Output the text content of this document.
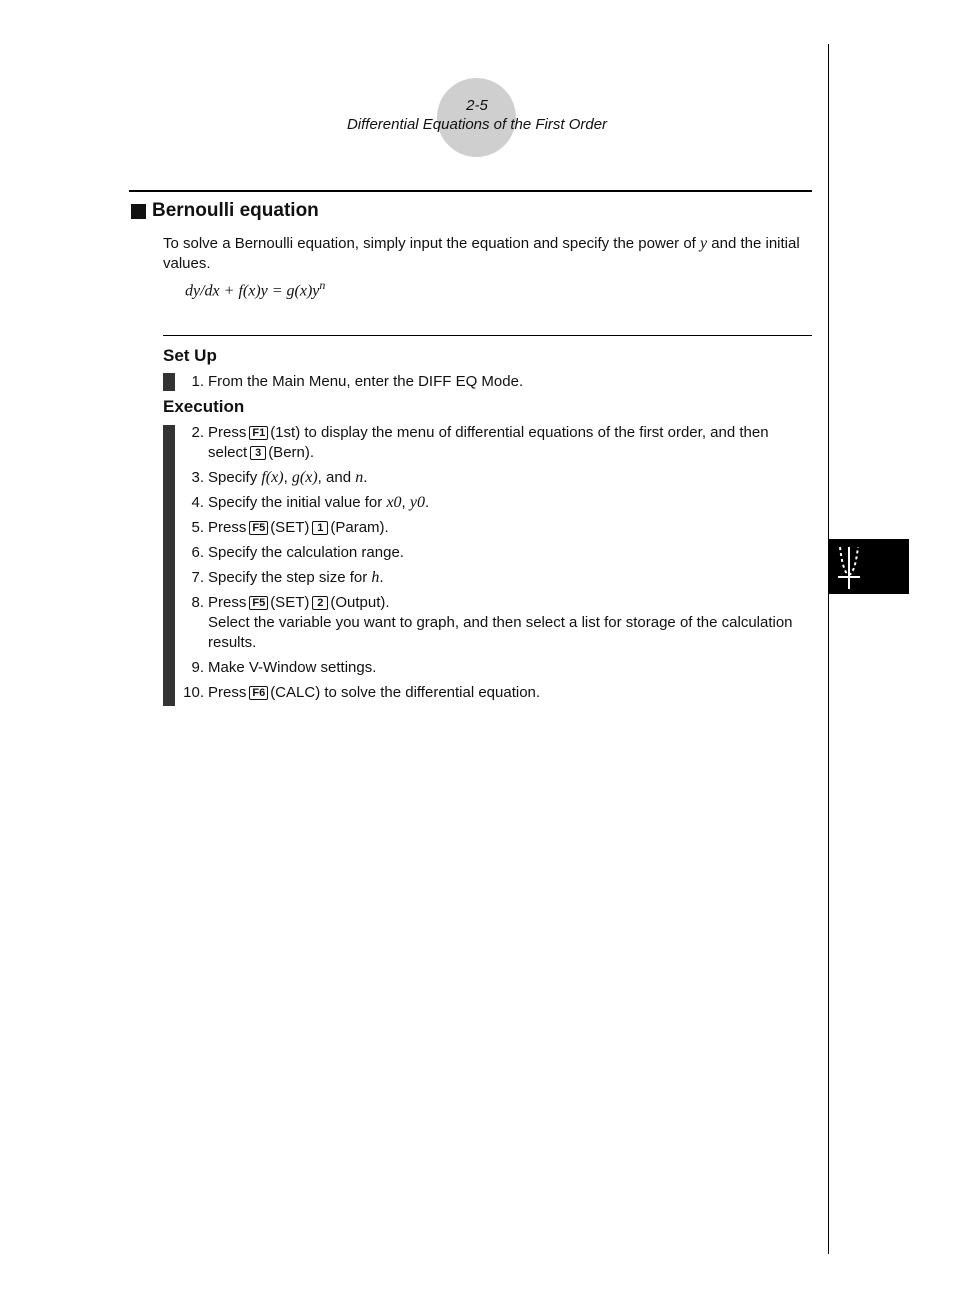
2-5
Differential Equations of the First Order
Bernoulli equation
To solve a Bernoulli equation, simply input the equation and specify the power of y and the initial values.
$dy/dx + f(x)y = g(x)y^n$
Set Up
1. From the Main Menu, enter the DIFF EQ Mode.
Execution
2. Press F1 (1st) to display the menu of differential equations of the first order, and then select 3 (Bern).
3. Specify f(x), g(x), and n.
4. Specify the initial value for x0, y0.
5. Press F5 (SET) 1 (Param).
6. Specify the calculation range.
7. Specify the step size for h.
8. Press F5 (SET) 2 (Output).
Select the variable you want to graph, and then select a list for storage of the calculation results.
9. Make V-Window settings.
10. Press F6 (CALC) to solve the differential equation.
